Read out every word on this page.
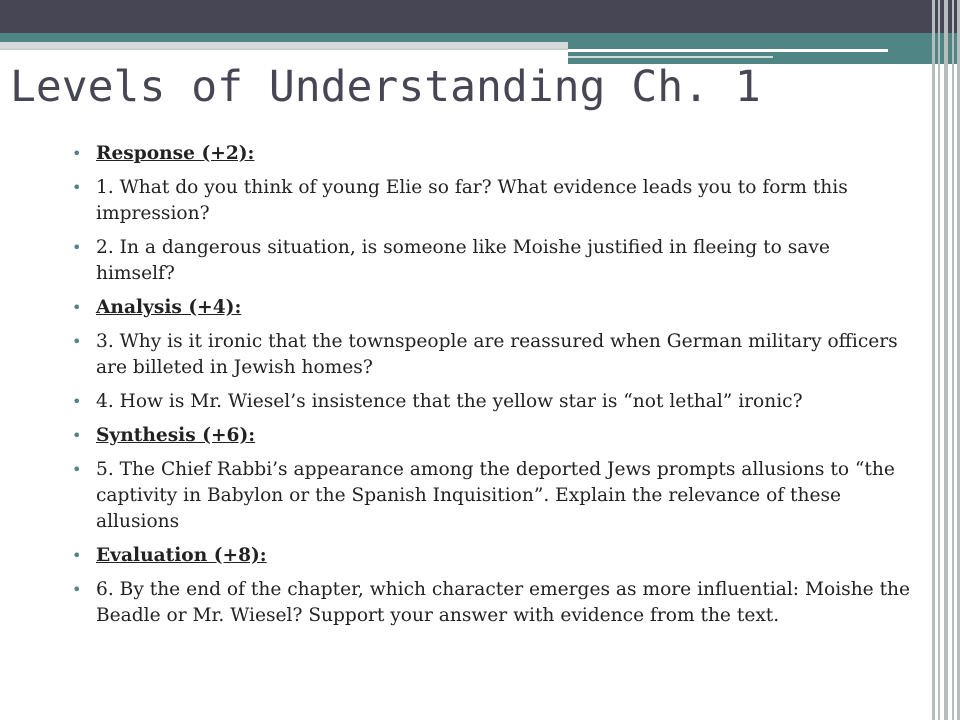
Levels of Understanding Ch. 1
• Response (+2):
• 1. What do you think of young Elie so far? What evidence leads you to form this impression?
• 2. In a dangerous situation, is someone like Moishe justified in fleeing to save himself?
• Analysis (+4):
• 3. Why is it ironic that the townspeople are reassured when German military officers are billeted in Jewish homes?
• 4. How is Mr. Wiesel’s insistence that the yellow star is “not lethal” ironic?
• Synthesis (+6):
• 5. The Chief Rabbi’s appearance among the deported Jews prompts allusions to “the captivity in Babylon or the Spanish Inquisition”. Explain the relevance of these allusions
• Evaluation (+8):
• 6. By the end of the chapter, which character emerges as more influential: Moishe the Beadle or Mr. Wiesel? Support your answer with evidence from the text.
